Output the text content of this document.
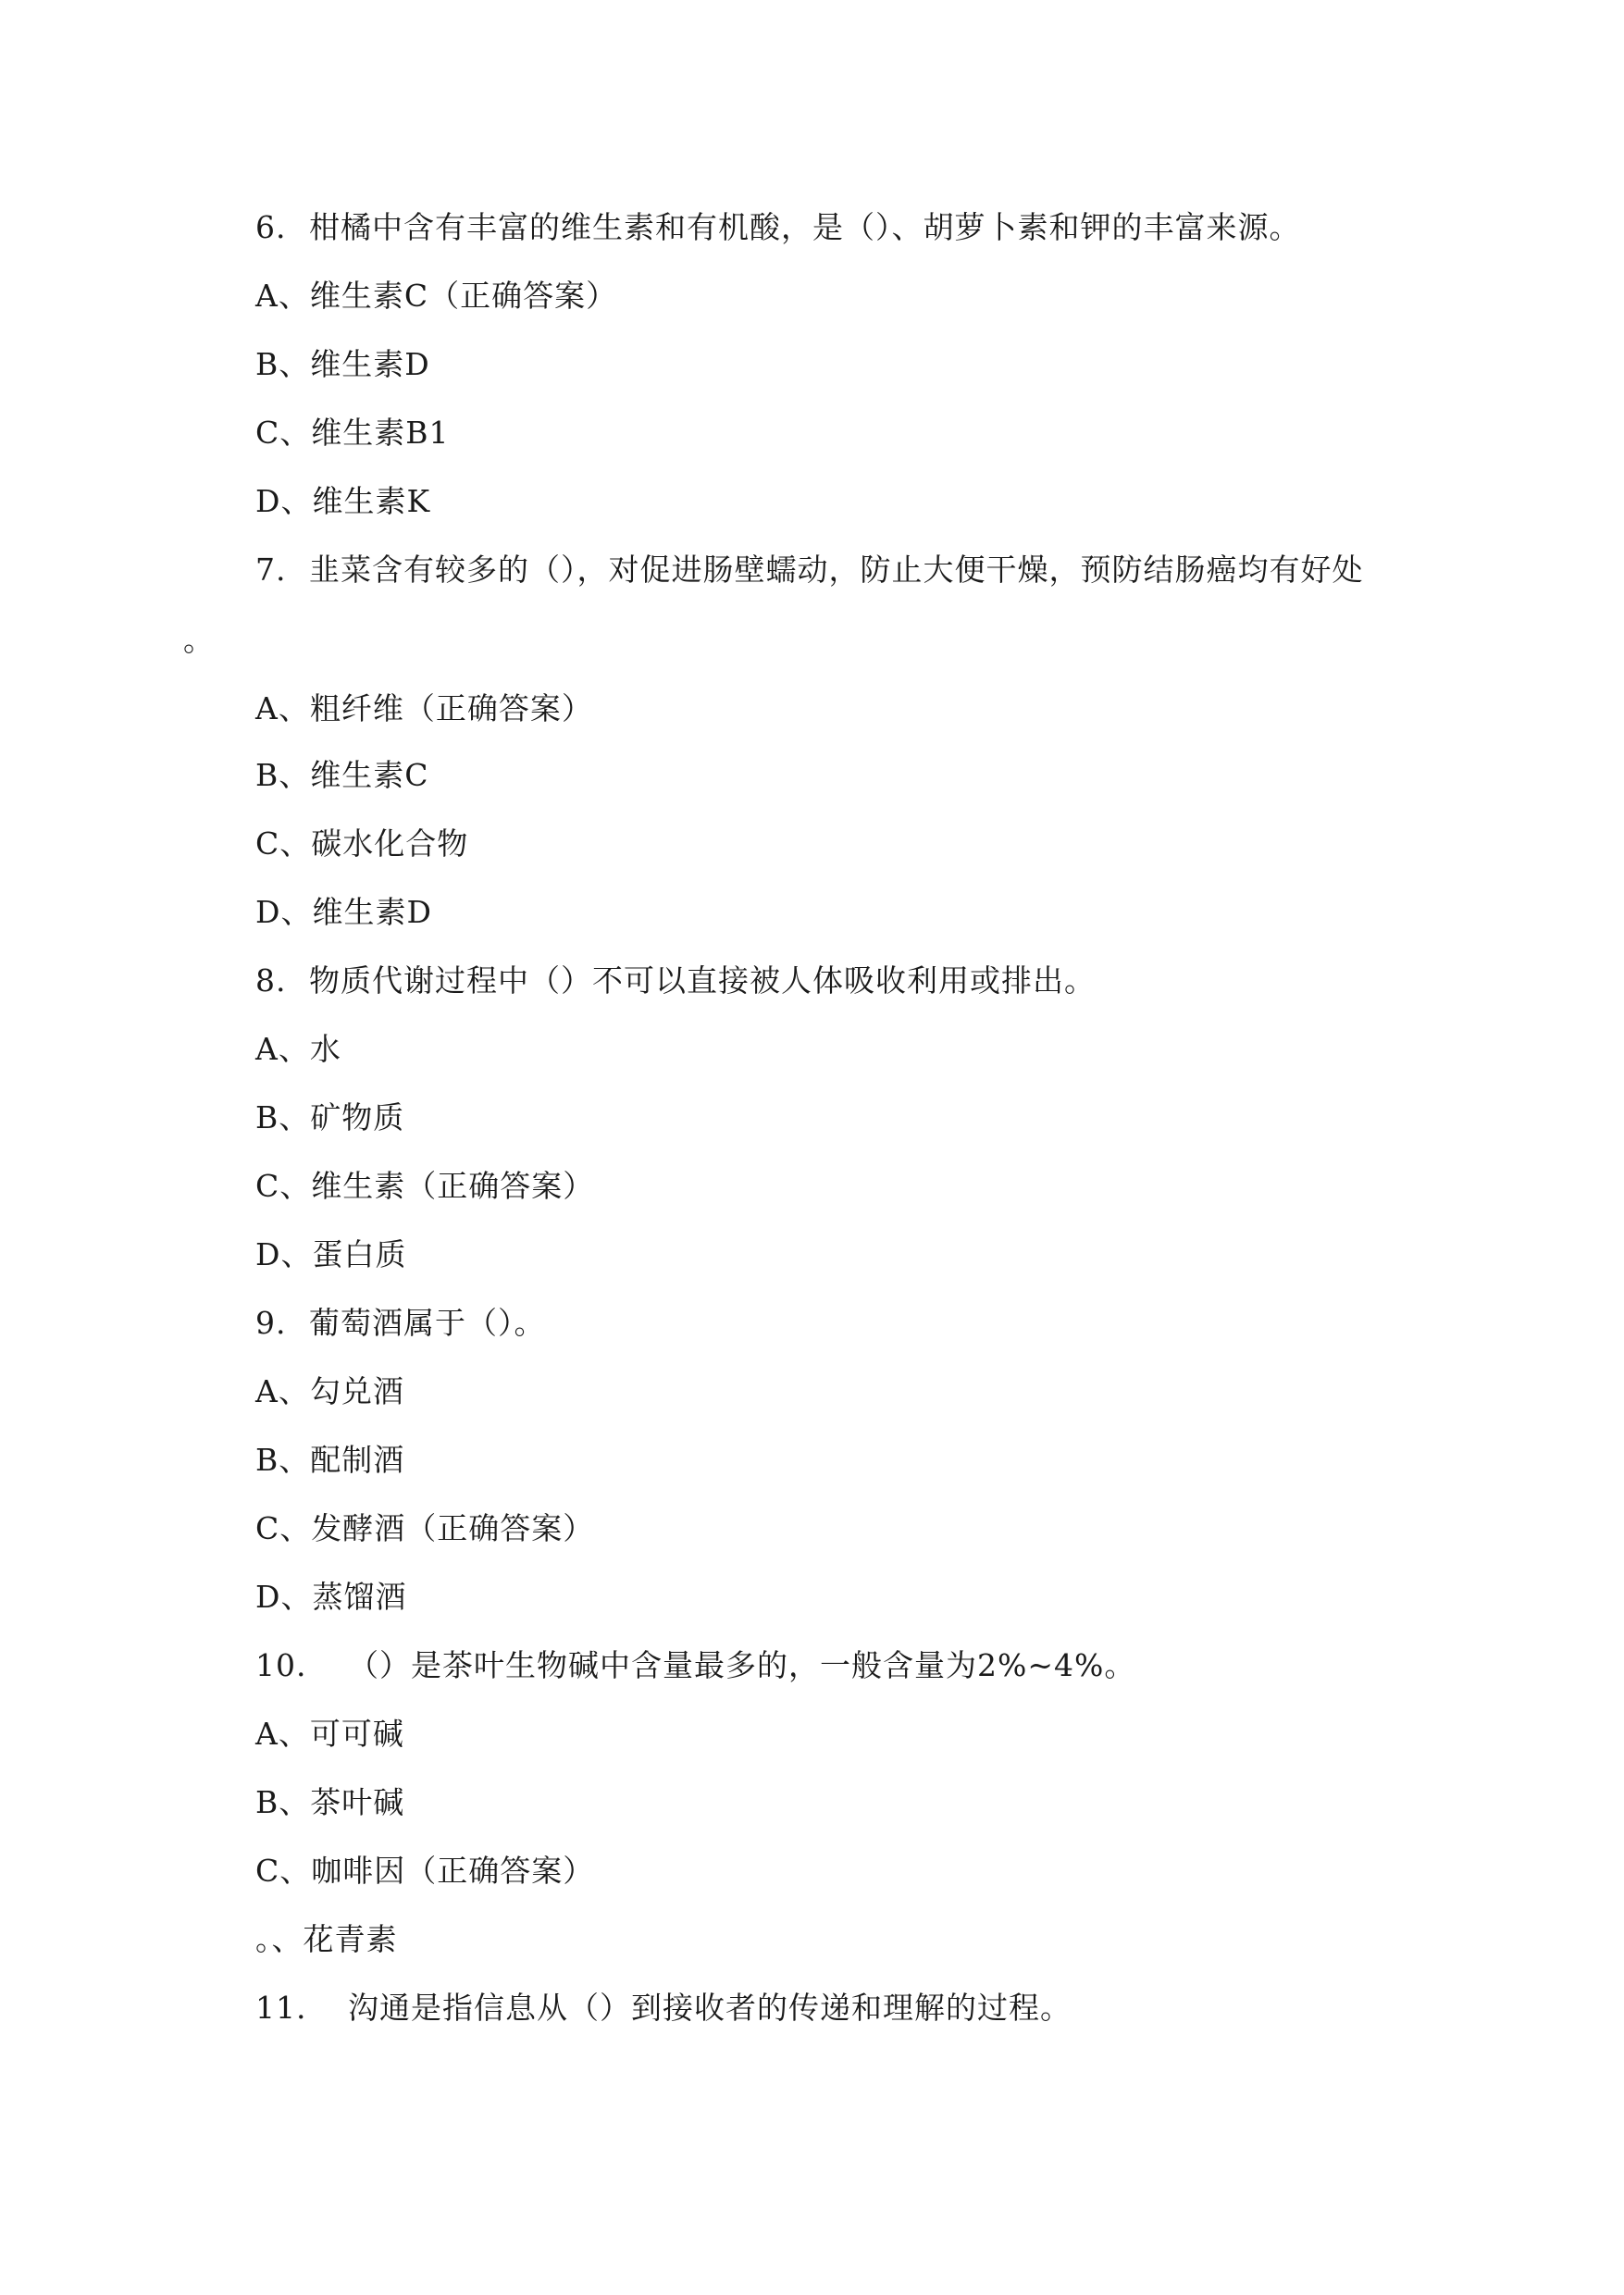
6. 柑橘中含有丰富的维生素和有机酸，是（）、胡萝卜素和钾的丰富来源。
A、维生素C（正确答案）
B、维生素D
C、维生素B1
D、维生素K
7. 韭菜含有较多的（），对促进肠壁蠕动，防止大便干燥，预防结肠癌均有好处
。
A、粗纤维（正确答案）
B、维生素C
C、碳水化合物
D、维生素D
8. 物质代谢过程中（）不可以直接被人体吸收利用或排出。
A、水
B、矿物质
C、维生素（正确答案）
D、蛋白质
9. 葡萄酒属于（）。
A、勾兑酒
B、配制酒
C、发酵酒（正确答案）
D、蒸馏酒
10. （）是茶叶生物碱中含量最多的，一般含量为2%~4%。
A、可可碱
B、茶叶碱
C、咖啡因（正确答案）
。、花青素
11. 沟通是指信息从（）到接收者的传递和理解的过程。
